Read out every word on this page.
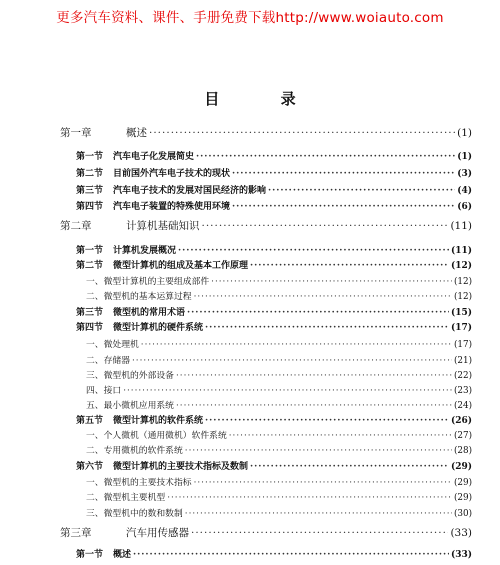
更多汽车资料、课件、手册免费下载http://www.woiauto.com
目 录
第一章	概述 ·····	(1)
第一节 汽车电子化发展简史 ·····	(1)
第二节 目前国外汽车电子技术的现状 ·····	(3)
第三节 汽车电子技术的发展对国民经济的影响 ·····	(4)
第四节 汽车电子装置的特殊使用环境 ·····	(6)
第二章	计算机基础知识 ·····	(11)
第一节 计算机发展概况 ·····	(11)
第二节 微型计算机的组成及基本工作原理 ·····	(12)
一、微型计算机的主要组成部件 ·····	(12)
二、微型机的基本运算过程 ·····	(12)
第三节 微型机的常用术语 ·····	(15)
第四节 微型计算机的硬件系统 ·····	(17)
一、微处理机 ·····	(17)
二、存储器 ·····	(21)
三、微型机的外部设备 ·····	(22)
四、接口 ·····	(23)
五、最小微机应用系统 ·····	(24)
第五节 微型计算机的软件系统 ·····	(26)
一、个人微机（通用微机）软件系统 ·····	(27)
二、专用微机的软件系统 ·····	(28)
第六节 微型计算机的主要技术指标及数制 ·····	(29)
一、微型机的主要技术指标 ·····	(29)
二、微型机主要机型 ·····	(29)
三、微型机中的数和数制 ·····	(30)
第三章	汽车用传感器 ·····	(33)
第一节 概述 ·····	(33)
